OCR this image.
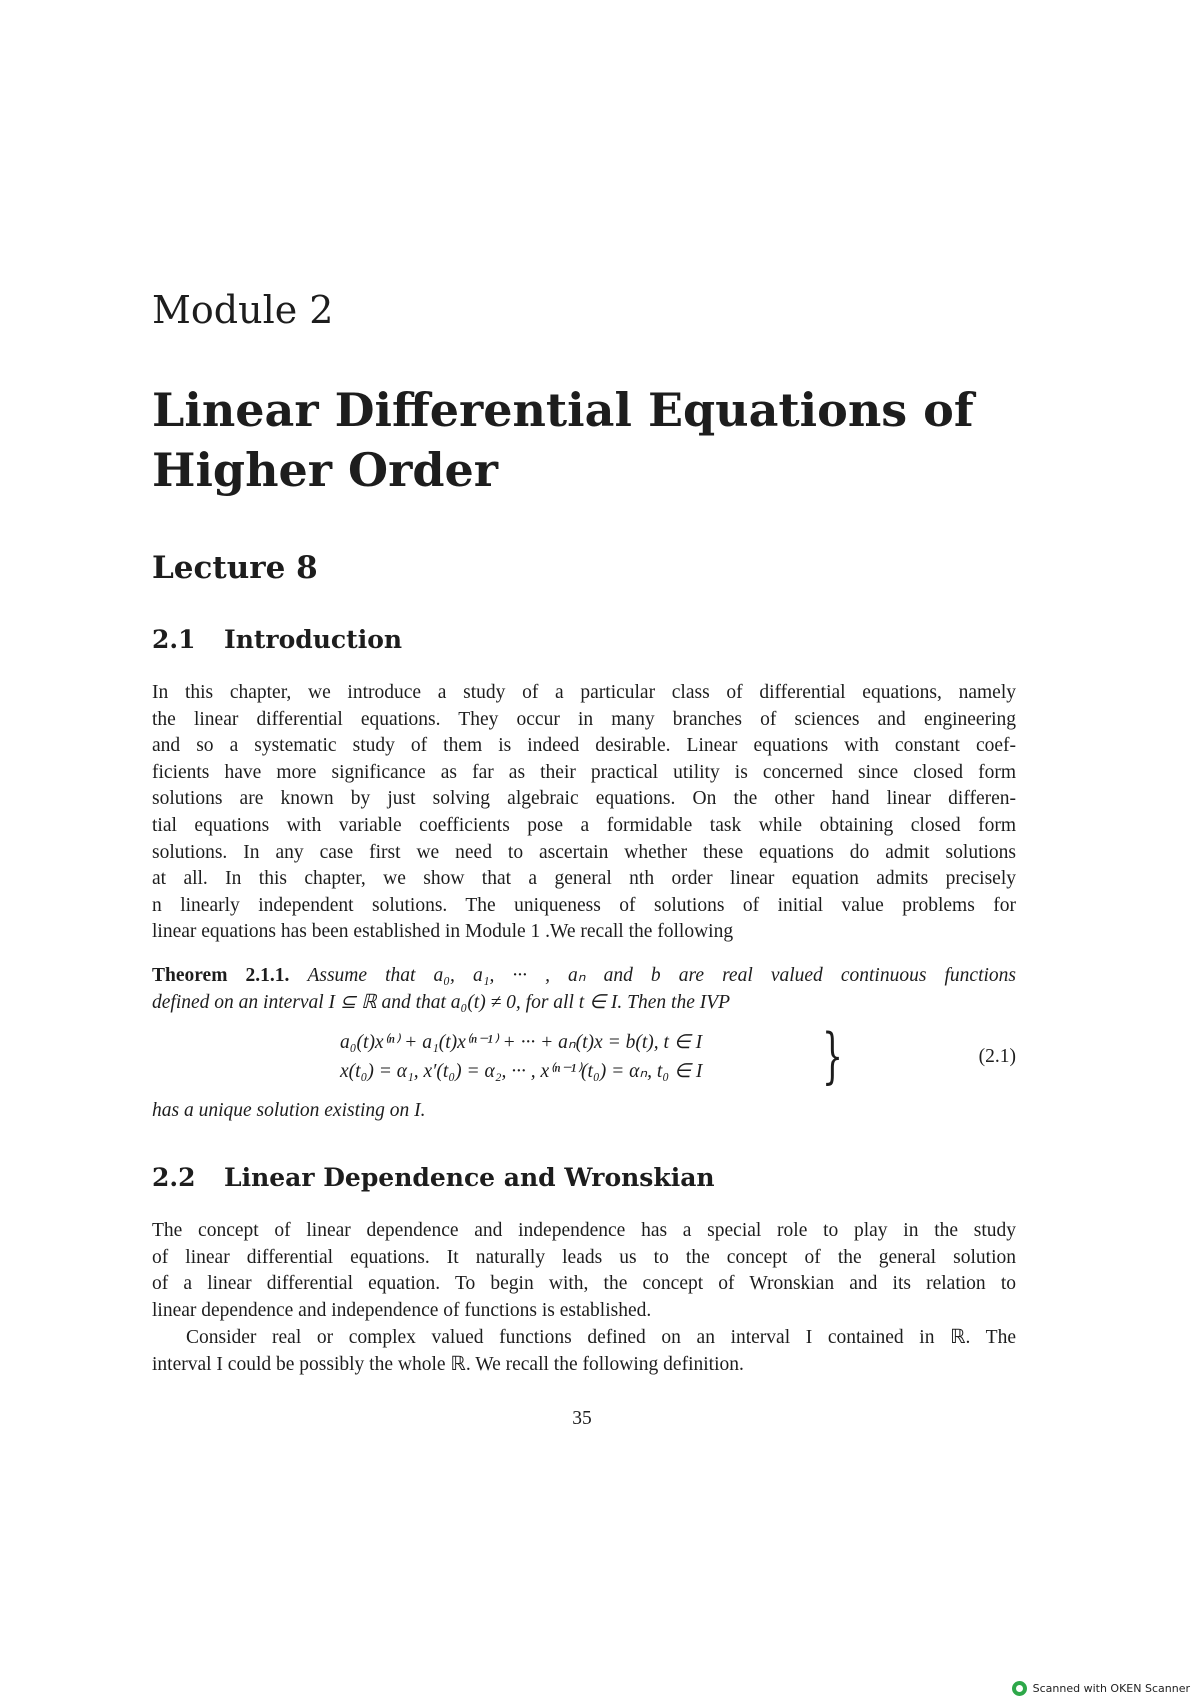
Module 2
Linear Differential Equations of Higher Order
Lecture 8
2.1 Introduction
In this chapter, we introduce a study of a particular class of differential equations, namely
the linear differential equations. They occur in many branches of sciences and engineering
and so a systematic study of them is indeed desirable. Linear equations with constant coef-
ficients have more significance as far as their practical utility is concerned since closed form
solutions are known by just solving algebraic equations. On the other hand linear differen-
tial equations with variable coefficients pose a formidable task while obtaining closed form
solutions. In any case first we need to ascertain whether these equations do admit solutions
at all. In this chapter, we show that a general nth order linear equation admits precisely
n linearly independent solutions. The uniqueness of solutions of initial value problems for
linear equations has been established in Module 1 .We recall the following
Theorem 2.1.1. Assume that a₀, a₁, ··· , aₙ and b are real valued continuous functions
defined on an interval I ⊆ ℝ and that a₀(t) ≠ 0, for all t ∈ I. Then the IVP
a₀(t)x⁽ⁿ⁾ + a₁(t)x⁽ⁿ⁻¹⁾ + ··· + aₙ(t)x = b(t), t ∈ I
x(t₀) = α₁, x′(t₀) = α₂, ··· , x⁽ⁿ⁻¹⁾(t₀) = αₙ, t₀ ∈ I }	(2.1)

has a unique solution existing on I.

2.2 Linear Dependence and Wronskian
The concept of linear dependence and independence has a special role to play in the study
of linear differential equations. It naturally leads us to the concept of the general solution
of a linear differential equation. To begin with, the concept of Wronskian and its relation to
linear dependence and independence of functions is established.
Consider real or complex valued functions defined on an interval I contained in ℝ. The
interval I could be possibly the whole ℝ. We recall the following definition.
35
Scanned with OKEN Scanner
